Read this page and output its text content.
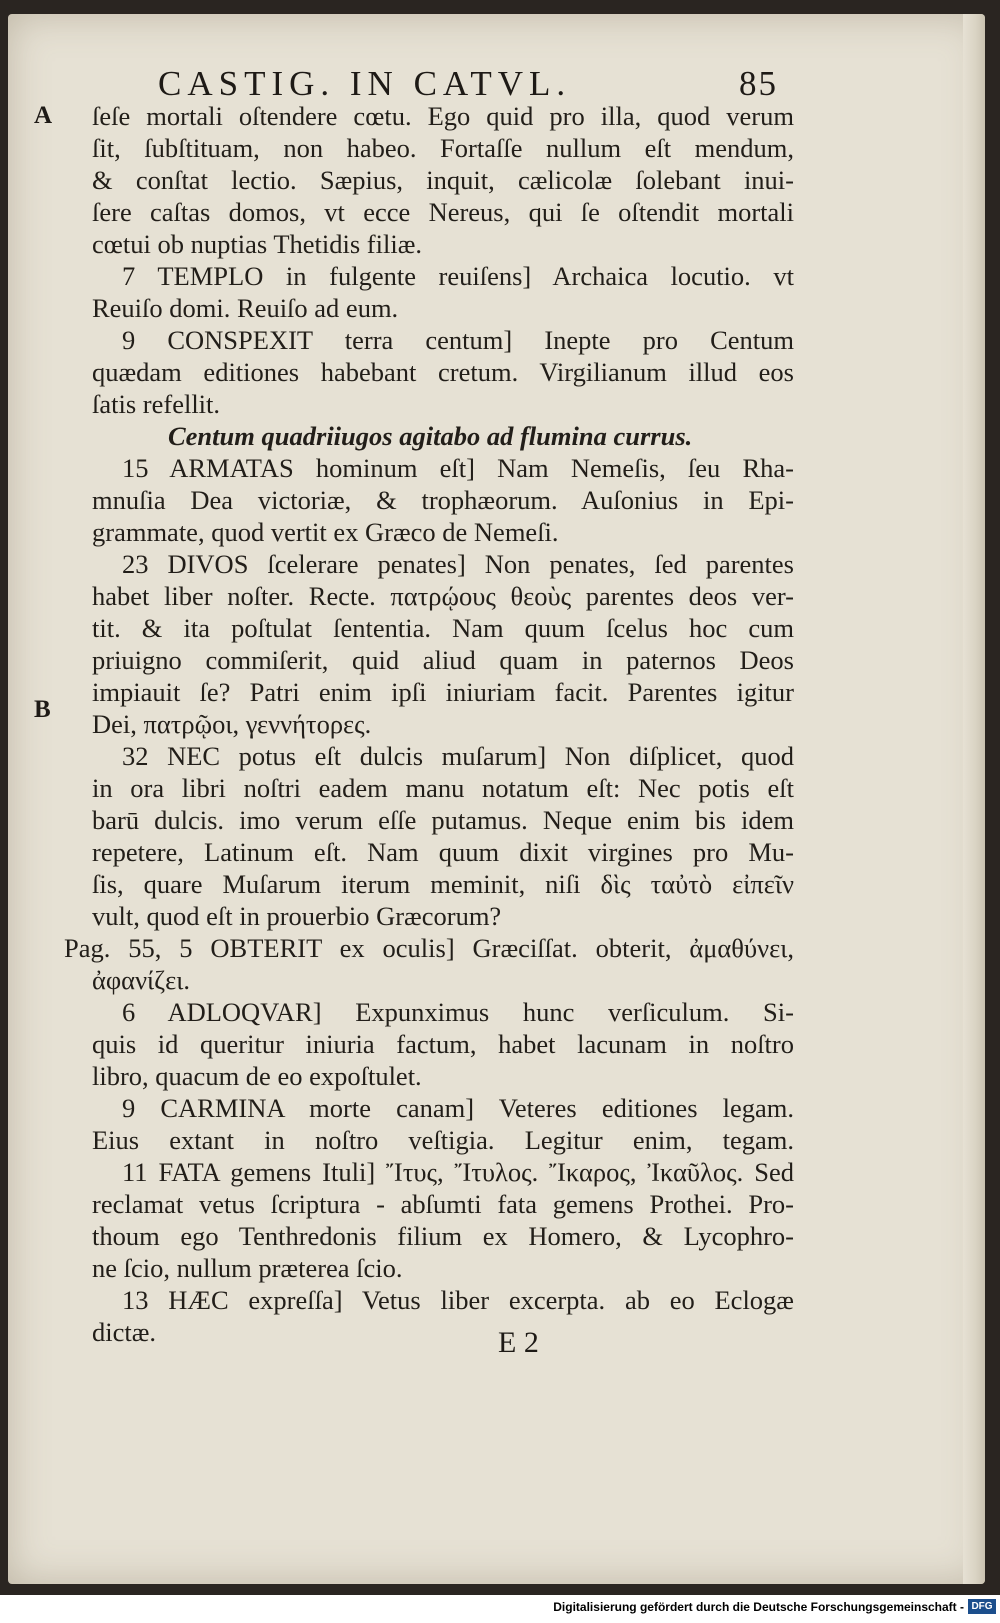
CASTIG. IN CATVL.	85
A
B
ſeſe mortali oſtendere cœtu. Ego quid pro illa, quod verum
ſit, ſubſtituam, non habeo. Fortaſſe nullum eſt mendum,
& conſtat lectio. Sæpius, inquit, cælicolæ ſolebant inui-
ſere caſtas domos, vt ecce Nereus, qui ſe oſtendit mortali
cœtui ob nuptias Thetidis filiæ.
7 TEMPLO in fulgente reuiſens] Archaica locutio. vt
Reuiſo domi. Reuiſo ad eum.
9 CONSPEXIT terra centum] Inepte pro Centum
quædam editiones habebant cretum. Virgilianum illud eos
ſatis refellit.
Centum quadriiugos agitabo ad flumina currus.
15 ARMATAS hominum eſt] Nam Nemeſis, ſeu Rha-
mnuſia Dea victoriæ, & trophæorum. Auſonius in Epi-
grammate, quod vertit ex Græco de Nemeſi.
23 DIVOS ſcelerare penates] Non penates, ſed parentes
habet liber noſter. Recte. πατρῴους θεοὺς parentes deos ver-
tit. & ita poſtulat ſententia. Nam quum ſcelus hoc cum
priuigno commiſerit, quid aliud quam in paternos Deos
impiauit ſe? Patri enim ipſi iniuriam facit. Parentes igitur
Dei, πατρῷοι, γεννήτορες.
32 NEC potus eſt dulcis muſarum] Non diſplicet, quod
in ora libri noſtri eadem manu notatum eſt: Nec potis eſt
barū dulcis. imo verum eſſe putamus. Neque enim bis idem
repetere, Latinum eſt. Nam quum dixit virgines pro Mu-
ſis, quare Muſarum iterum meminit, niſi δὶς ταὐτὸ εἰπεῖν
vult, quod eſt in prouerbio Græcorum?
Pag. 55, 5 OBTERIT ex oculis] Græciſſat. obterit, ἀμαθύνει,
ἀφανίζει.
6 ADLOQVAR] Expunximus hunc verſiculum. Si-
quis id queritur iniuria factum, habet lacunam in noſtro
libro, quacum de eo expoſtulet.
9 CARMINA morte canam] Veteres editiones legam.
Eius extant in noſtro veſtigia. Legitur enim, tegam.
11 FATA gemens Ituli] Ἴτυς, Ἴτυλος. Ἴκαρος, Ἰκαῦλος. Sed
reclamat vetus ſcriptura - abſumti fata gemens Prothei. Pro-
thoum ego Tenthredonis filium ex Homero, & Lycophro-
ne ſcio, nullum præterea ſcio.
13 HÆC expreſſa] Vetus liber excerpta. ab eo Eclogæ
dictæ.	E 2
Digitalisierung gefördert durch die Deutsche Forschungsgemeinschaft - DFG
